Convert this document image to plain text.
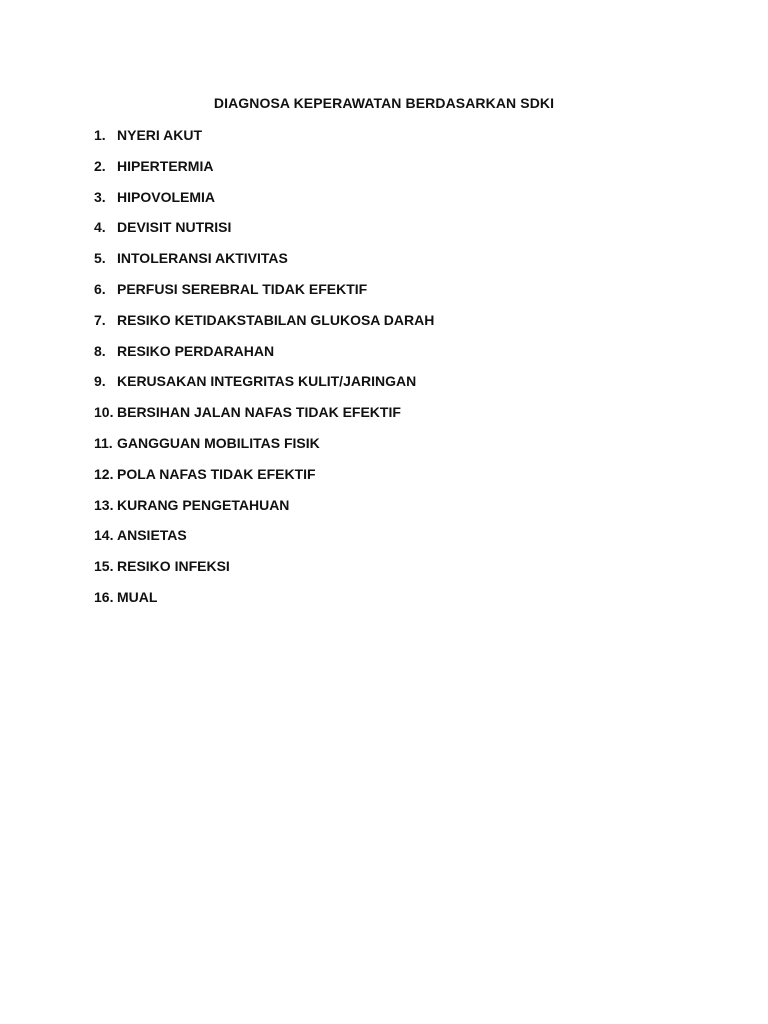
DIAGNOSA KEPERAWATAN BERDASARKAN SDKI
1. NYERI AKUT
2. HIPERTERMIA
3. HIPOVOLEMIA
4. DEVISIT NUTRISI
5. INTOLERANSI AKTIVITAS
6. PERFUSI SEREBRAL TIDAK EFEKTIF
7. RESIKO KETIDAKSTABILAN GLUKOSA DARAH
8. RESIKO PERDARAHAN
9. KERUSAKAN INTEGRITAS KULIT/JARINGAN
10. BERSIHAN JALAN NAFAS TIDAK EFEKTIF
11. GANGGUAN MOBILITAS FISIK
12. POLA NAFAS TIDAK EFEKTIF
13. KURANG PENGETAHUAN
14. ANSIETAS
15. RESIKO INFEKSI
16. MUAL
